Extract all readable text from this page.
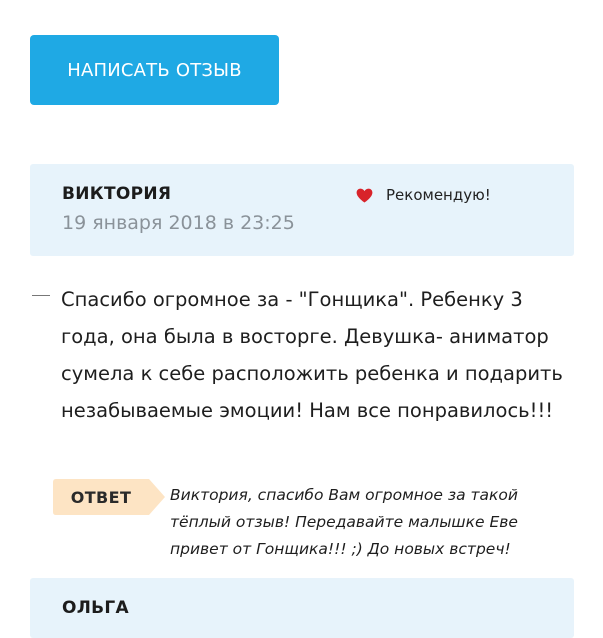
НАПИСАТЬ ОТЗЫВ
ВИКТОРИЯ
19 января 2018 в 23:25
Рекомендую!

Спасибо огромное за - "Гонщика". Ребенку 3 года, она была в восторге. Девушка- аниматор сумела к себе расположить ребенка и подарить незабываемые эмоции! Нам все понравилось!!!

ОТВЕТ	Виктория, спасибо Вам огромное за такой тёплый отзыв! Передавайте малышке Еве привет от Гонщика!!! ;) До новых встреч!

ОЛЬГА
